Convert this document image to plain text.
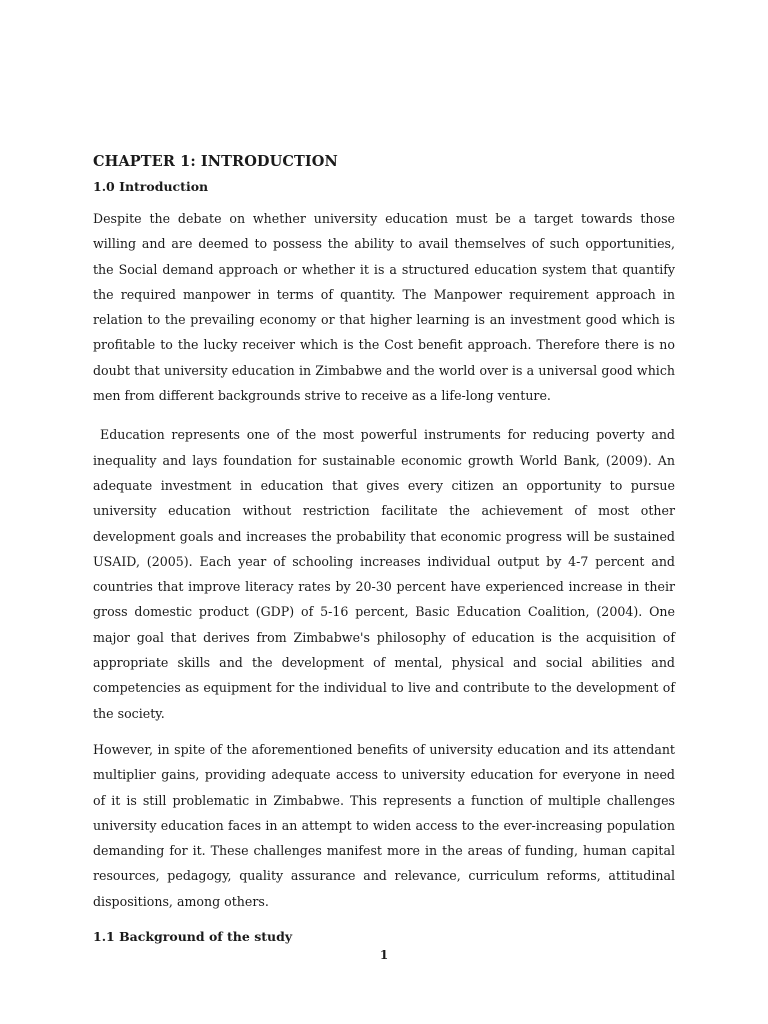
CHAPTER 1: INTRODUCTION
1.0 Introduction

Despite the debate on whether university education must be a target towards those willing and are deemed to possess the ability to avail themselves of such opportunities, the Social demand approach or whether it is a structured education system that quantify the required manpower in terms of quantity. The Manpower requirement approach in relation to the prevailing economy or that higher learning is an investment good which is profitable to the lucky receiver which is the Cost benefit approach. Therefore there is no doubt that university education in Zimbabwe and the world over is a universal good which men from different backgrounds strive to receive as a life-long venture.

Education represents one of the most powerful instruments for reducing poverty and inequality and lays foundation for sustainable economic growth World Bank, (2009). An adequate investment in education that gives every citizen an opportunity to pursue university education without restriction facilitate the achievement of most other development goals and increases the probability that economic progress will be sustained USAID, (2005). Each year of schooling increases individual output by 4-7 percent and countries that improve literacy rates by 20-30 percent have experienced increase in their gross domestic product (GDP) of 5-16 percent, Basic Education Coalition, (2004). One major goal that derives from Zimbabwe's philosophy of education is the acquisition of appropriate skills and the development of mental, physical and social abilities and competencies as equipment for the individual to live and contribute to the development of the society.

However, in spite of the aforementioned benefits of university education and its attendant multiplier gains, providing adequate access to university education for everyone in need of it is still problematic in Zimbabwe. This represents a function of multiple challenges university education faces in an attempt to widen access to the ever-increasing population demanding for it. These challenges manifest more in the areas of funding, human capital resources, pedagogy, quality assurance and relevance, curriculum reforms, attitudinal dispositions, among others.

1.1 Background of the study
1
